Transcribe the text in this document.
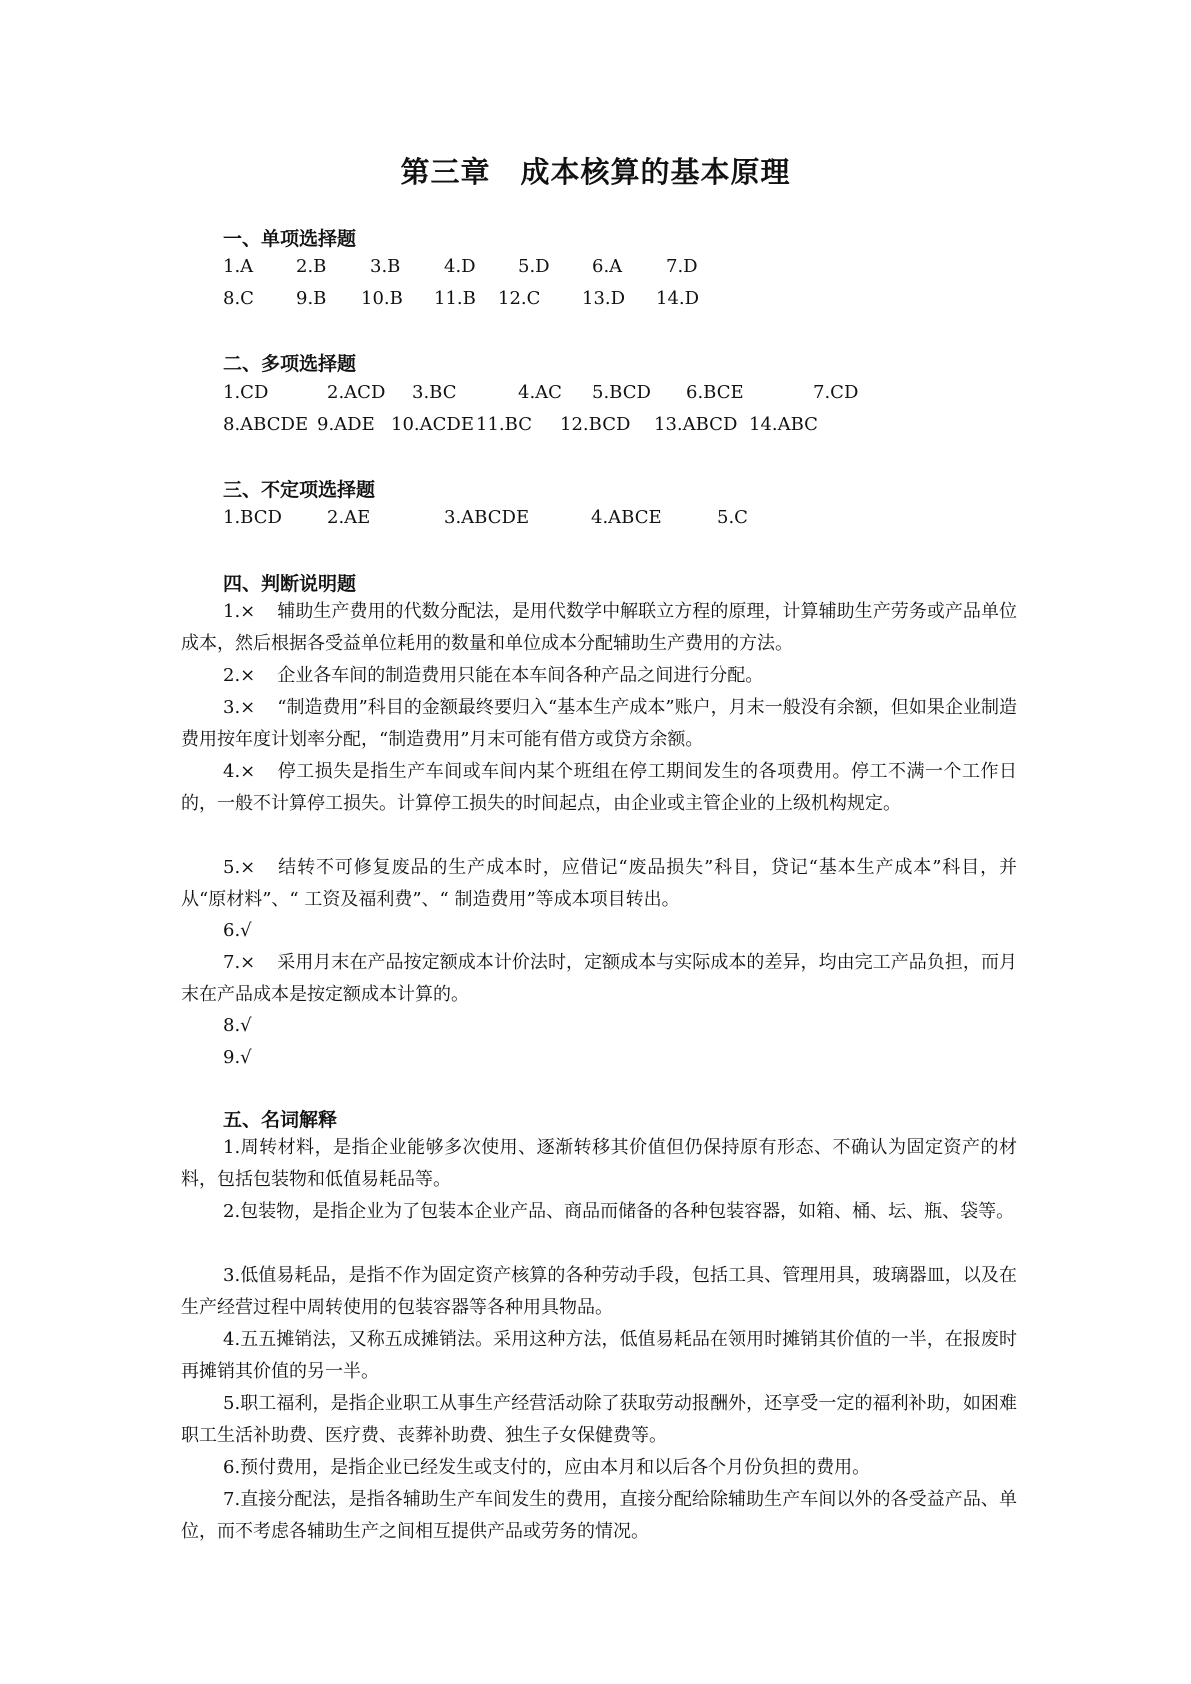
第三章　成本核算的基本原理
一、单项选择题
1.A 2.B 3.B 4.D 5.D 6.A 7.D
8.C 9.B 10.B 11.B 12.C 13.D 14.D
二、多项选择题
1.CD	2.ACD 3.BC	4.AC 5.BCD 6.BCE	7.CD
8.ABCDE 9.ADE 10.ACDE 11.BC 12.BCD 13.ABCD 14.ABC
三、不定项选择题
1.BCD	2.AE	3.ABCDE	4.ABCE	5.C
四、判断说明题
1.× 辅助生产费用的代数分配法，是用代数学中解联立方程的原理，计算辅助生产劳务或产品单位成本，然后根据各受益单位耗用的数量和单位成本分配辅助生产费用的方法。
2.× 企业各车间的制造费用只能在本车间各种产品之间进行分配。
3.× “制造费用”科目的金额最终要归入“基本生产成本”账户，月末一般没有余额，但如果企业制造费用按年度计划率分配，“制造费用”月末可能有借方或贷方余额。
4.× 停工损失是指生产车间或车间内某个班组在停工期间发生的各项费用。停工不满一个工作日的，一般不计算停工损失。计算停工损失的时间起点，由企业或主管企业的上级机构规定。
5.× 结转不可修复废品的生产成本时，应借记“废品损失”科目，贷记“基本生产成本”科目，并从“原材料”、“ 工资及福利费”、“ 制造费用”等成本项目转出。
6.√
7.× 采用月末在产品按定额成本计价法时，定额成本与实际成本的差异，均由完工产品负担，而月末在产品成本是按定额成本计算的。
8.√
9.√
五、名词解释
1.周转材料，是指企业能够多次使用、逐渐转移其价值但仍保持原有形态、不确认为固定资产的材料，包括包装物和低值易耗品等。
2.包装物，是指企业为了包装本企业产品、商品而储备的各种包装容器，如箱、桶、坛、瓶、袋等。
3.低值易耗品，是指不作为固定资产核算的各种劳动手段，包括工具、管理用具，玻璃器皿，以及在生产经营过程中周转使用的包装容器等各种用具物品。
4.五五摊销法，又称五成摊销法。采用这种方法，低值易耗品在领用时摊销其价值的一半，在报废时再摊销其价值的另一半。
5.职工福利，是指企业职工从事生产经营活动除了获取劳动报酬外，还享受一定的福利补助，如困难职工生活补助费、医疗费、丧葬补助费、独生子女保健费等。
6.预付费用，是指企业已经发生或支付的，应由本月和以后各个月份负担的费用。
7.直接分配法，是指各辅助生产车间发生的费用，直接分配给除辅助生产车间以外的各受益产品、单位，而不考虑各辅助生产之间相互提供产品或劳务的情况。
